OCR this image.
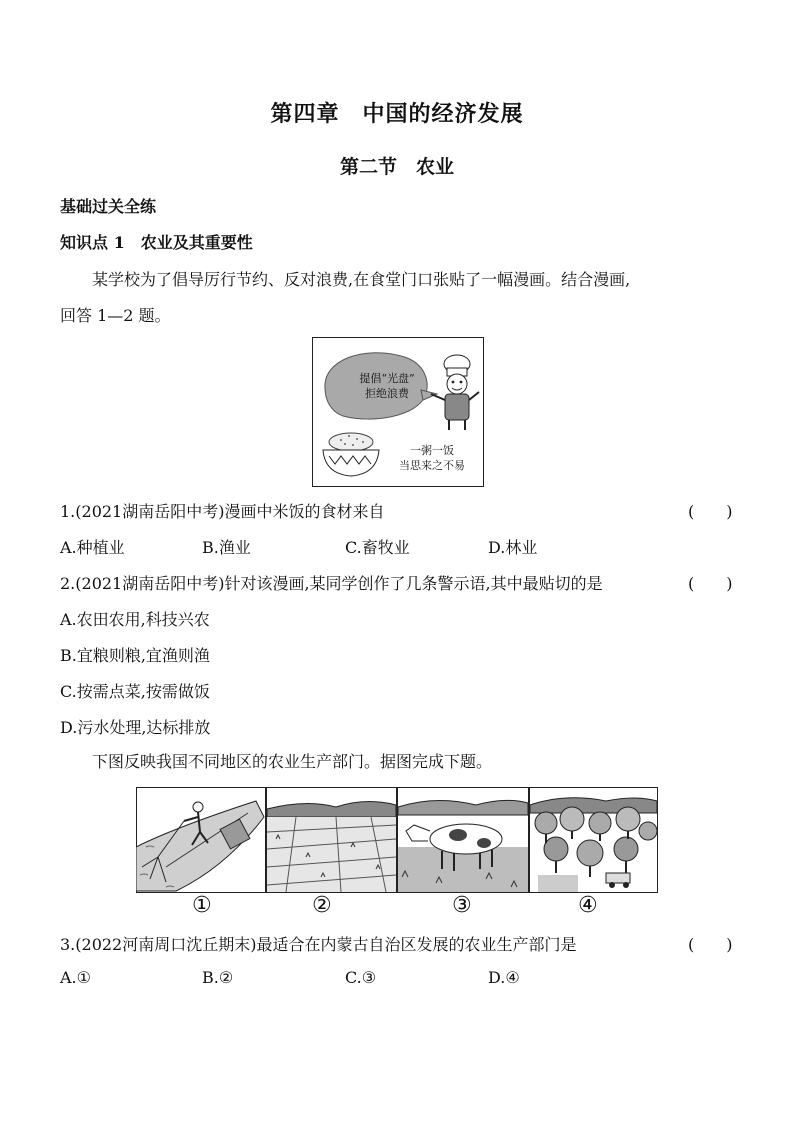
第四章　中国的经济发展
第二节　农业
基础过关全练
知识点 1　农业及其重要性
某学校为了倡导厉行节约、反对浪费,在食堂门口张贴了一幅漫画。结合漫画,
回答 1—2 题。
提倡“光盘”
拒绝浪费
一粥一饭
当思来之不易
1.(2021湖南岳阳中考)漫画中米饭的食材来自	(　　)
A.种植业	B.渔业	C.畜牧业	D.林业
2.(2021湖南岳阳中考)针对该漫画,某同学创作了几条警示语,其中最贴切的是	(　　)
A.农田农用,科技兴农
B.宜粮则粮,宜渔则渔
C.按需点菜,按需做饭
D.污水处理,达标排放
下图反映我国不同地区的农业生产部门。据图完成下题。
①	②	③	④
3.(2022河南周口沈丘期末)最适合在内蒙古自治区发展的农业生产部门是	(　　)
A.①	B.②	C.③	D.④
